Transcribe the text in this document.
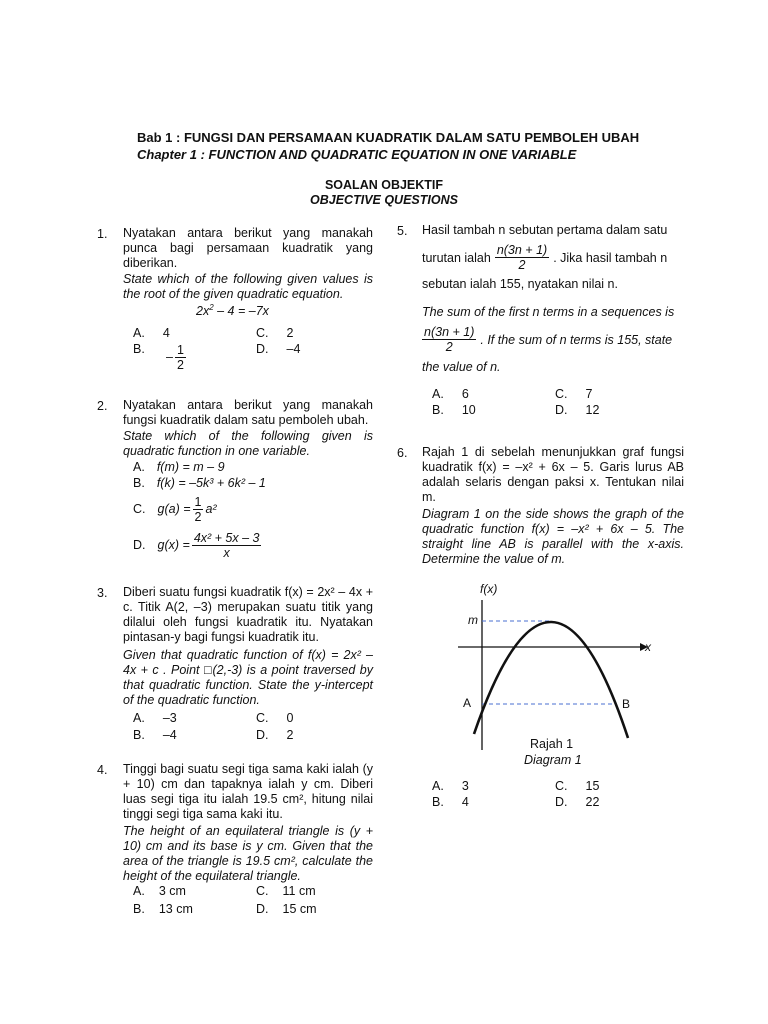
Bab 1 : FUNGSI DAN PERSAMAAN KUADRATIK DALAM SATU PEMBOLEH UBAH
Chapter 1 : FUNCTION AND QUADRATIC EQUATION IN ONE VARIABLE
SOALAN OBJEKTIF
OBJECTIVE QUESTIONS
1. Nyatakan antara berikut yang manakah punca bagi persamaan kuadratik yang diberikan.
State which of the following given values is the root of the given quadratic equation.
$2x^2 - 4 = -7x$
A. 4
B.
– $\frac{1}{2}$
C. 2
D. –4
2. Nyatakan antara berikut yang manakah fungsi kuadratik dalam satu pemboleh ubah.
State which of the following given is quadratic function in one variable.
A. f(m) = m – 9
B. f(k) = –5k³ + 6k² – 1
C. $g(a) = \frac{1}{2} a^2$
D. $g(x) = \frac{\text{4x² + 5x – 3}}{x}$
3. Diberi suatu fungsi kuadratik f(x) = 2x² – 4x + c. Titik A(2, –3) merupakan suatu titik yang dilalui oleh fungsi kuadratik itu. Nyatakan pintasan-y bagi fungsi kuadratik itu.
Given that quadratic function of f(x) = 2x² – 4x + c . Point □(2,-3) is a point traversed by that quadratic function. State the y-intercept of the quadratic function.
A. –3
B. –4
C. 0
D. 2
4. Tinggi bagi suatu segi tiga sama kaki ialah (y + 10) cm dan tapaknya ialah y cm. Diberi luas segi tiga itu ialah 19.5 cm², hitung nilai tinggi segi tiga sama kaki itu.
The height of an equilateral triangle is (y + 10) cm and its base is y cm. Given that the area of the triangle is 19.5 cm², calculate the height of the equilateral triangle.
A. 3 cm
B. 13 cm
C. 11 cm
D. 15 cm
5. Hasil tambah n sebutan pertama dalam satu
turutan ialah $\frac{n(3n + 1)}{2}$ . Jika hasil tambah n
sebutan ialah 155, nyatakan nilai n.
The sum of the first n terms in a sequences is
$\frac{n(3n + 1)}{2}$ . If the sum of n terms is 155, state
the value of n.
A. 6
B. 10
C. 7
D. 12
6. Rajah 1 di sebelah menunjukkan graf fungsi kuadratik f(x) = –x² + 6x – 5. Garis lurus AB adalah selaris dengan paksi x. Tentukan nilai m.
Diagram 1 on the side shows the graph of the quadratic function f(x) = –x² + 6x – 5. The straight line AB is parallel with the x-axis. Determine the value of m.
f(x)
x
m
A	B
Rajah 1
Diagram 1
A. 3
B. 4
C. 15
D. 22
